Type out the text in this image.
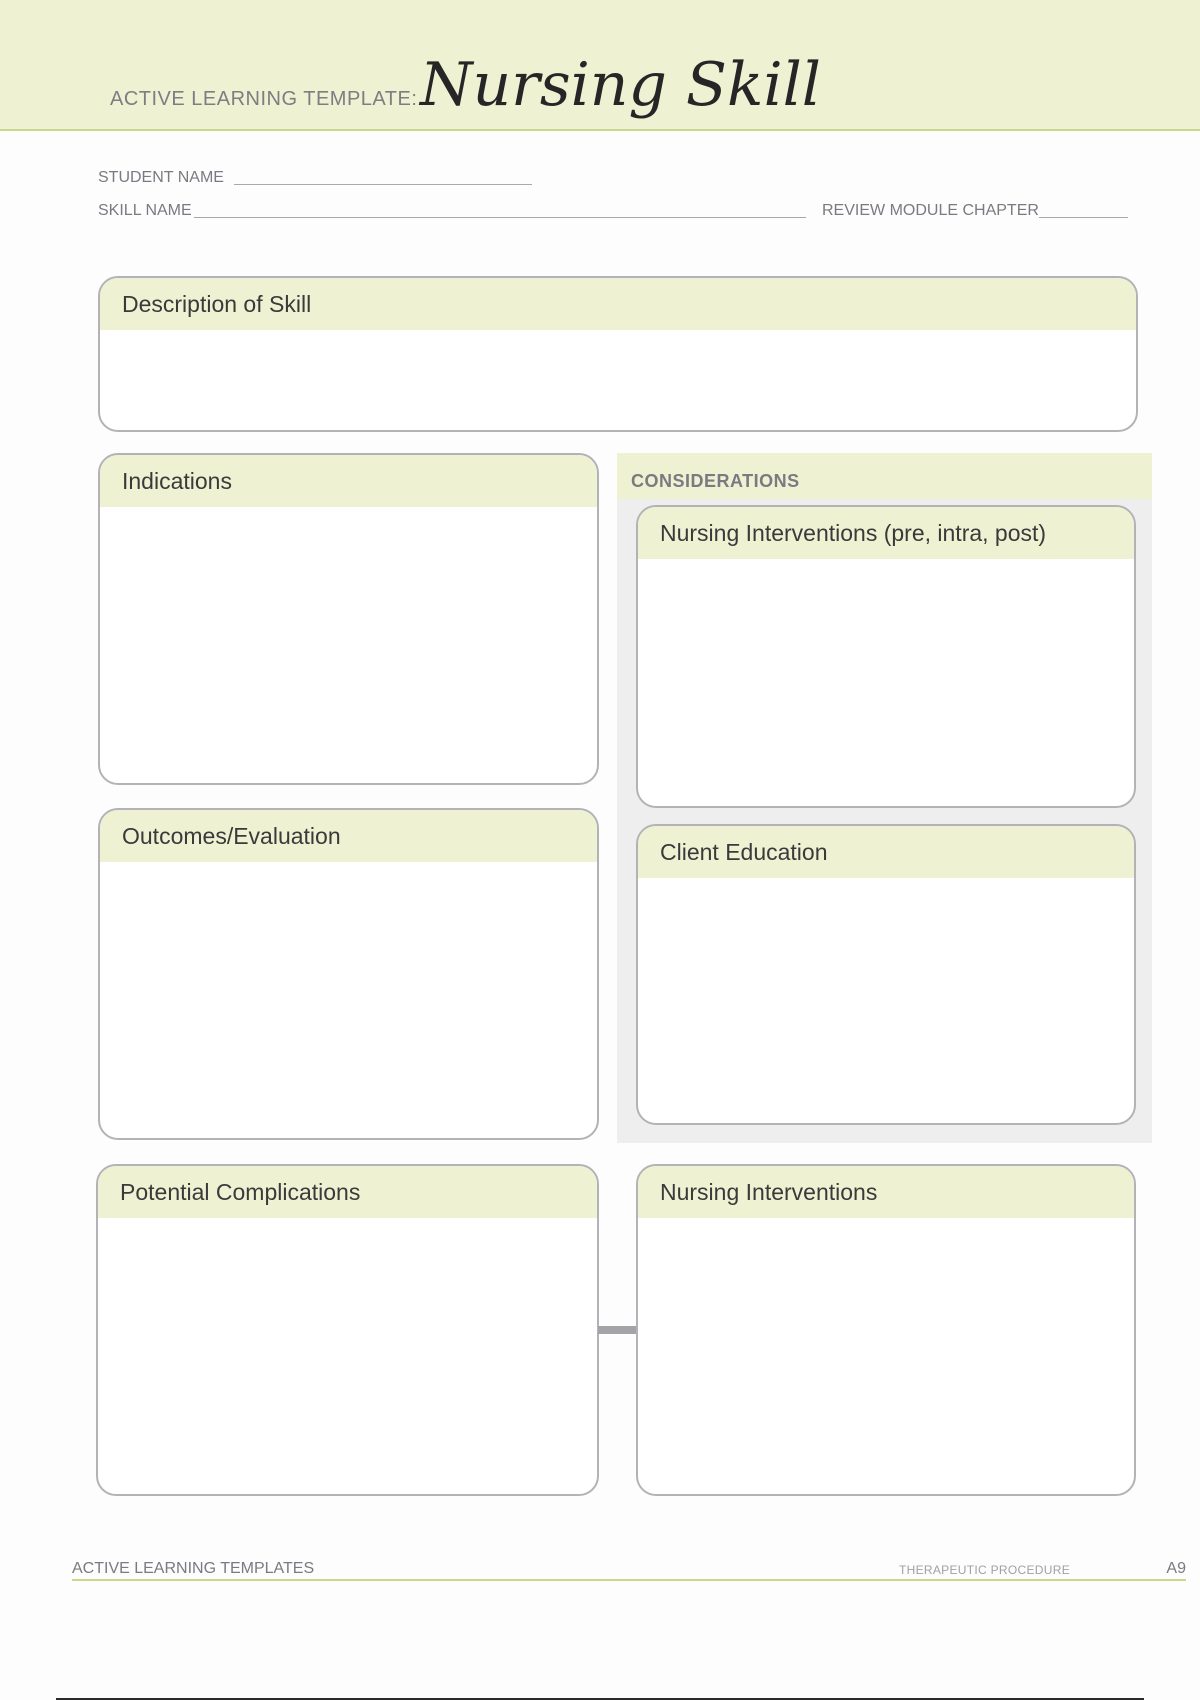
ACTIVE LEARNING TEMPLATE: Nursing Skill
STUDENT NAME
SKILL NAME	REVIEW MODULE CHAPTER
Description of Skill
Indications
Outcomes/Evaluation
CONSIDERATIONS
Nursing Interventions (pre, intra, post)
Client Education
Potential Complications	Nursing Interventions
ACTIVE LEARNING TEMPLATES	THERAPEUTIC PROCEDURE	A9
